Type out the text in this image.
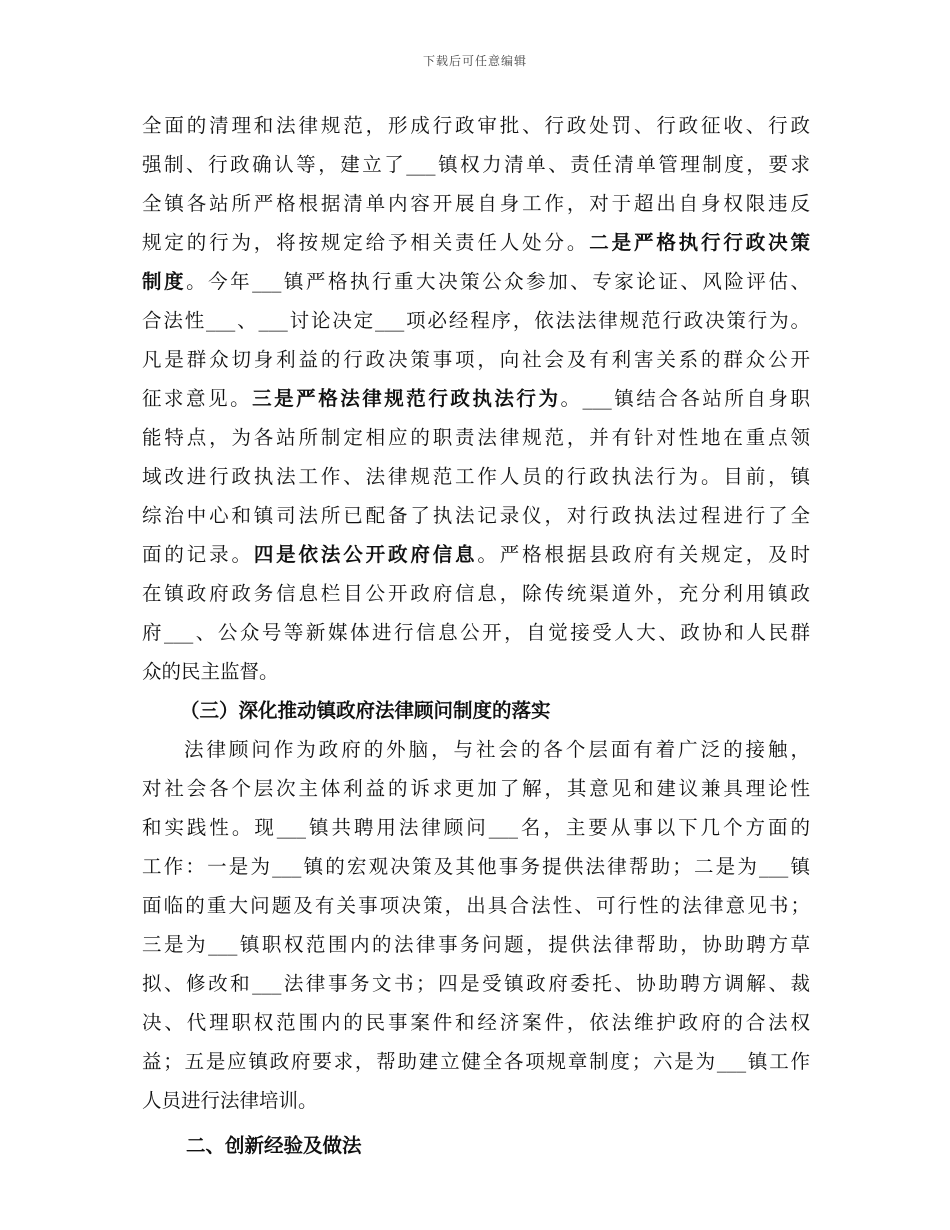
下载后可任意编辑
全面的清理和法律规范，形成行政审批、行政处罚、行政征收、行政
强制、行政确认等，建立了___镇权力清单、责任清单管理制度，要求
全镇各站所严格根据清单内容开展自身工作，对于超出自身权限违反
规定的行为，将按规定给予相关责任人处分。二是严格执行行政决策
制度。今年___镇严格执行重大决策公众参加、专家论证、风险评估、
合法性___、___讨论决定___项必经程序，依法法律规范行政决策行为。
凡是群众切身利益的行政决策事项，向社会及有利害关系的群众公开
征求意见。三是严格法律规范行政执法行为。___镇结合各站所自身职
能特点，为各站所制定相应的职责法律规范，并有针对性地在重点领
域改进行政执法工作、法律规范工作人员的行政执法行为。目前，镇
综治中心和镇司法所已配备了执法记录仪，对行政执法过程进行了全
面的记录。四是依法公开政府信息。严格根据县政府有关规定，及时
在镇政府政务信息栏目公开政府信息，除传统渠道外，充分利用镇政
府___、公众号等新媒体进行信息公开，自觉接受人大、政协和人民群
众的民主监督。
（三）深化推动镇政府法律顾问制度的落实
法律顾问作为政府的外脑，与社会的各个层面有着广泛的接触，
对社会各个层次主体利益的诉求更加了解，其意见和建议兼具理论性
和实践性。现___镇共聘用法律顾问___名，主要从事以下几个方面的
工作：一是为___镇的宏观决策及其他事务提供法律帮助；二是为___镇
面临的重大问题及有关事项决策，出具合法性、可行性的法律意见书；
三是为___镇职权范围内的法律事务问题，提供法律帮助，协助聘方草
拟、修改和___法律事务文书；四是受镇政府委托、协助聘方调解、裁
决、代理职权范围内的民事案件和经济案件，依法维护政府的合法权
益；五是应镇政府要求，帮助建立健全各项规章制度；六是为___镇工作
人员进行法律培训。
二、创新经验及做法
